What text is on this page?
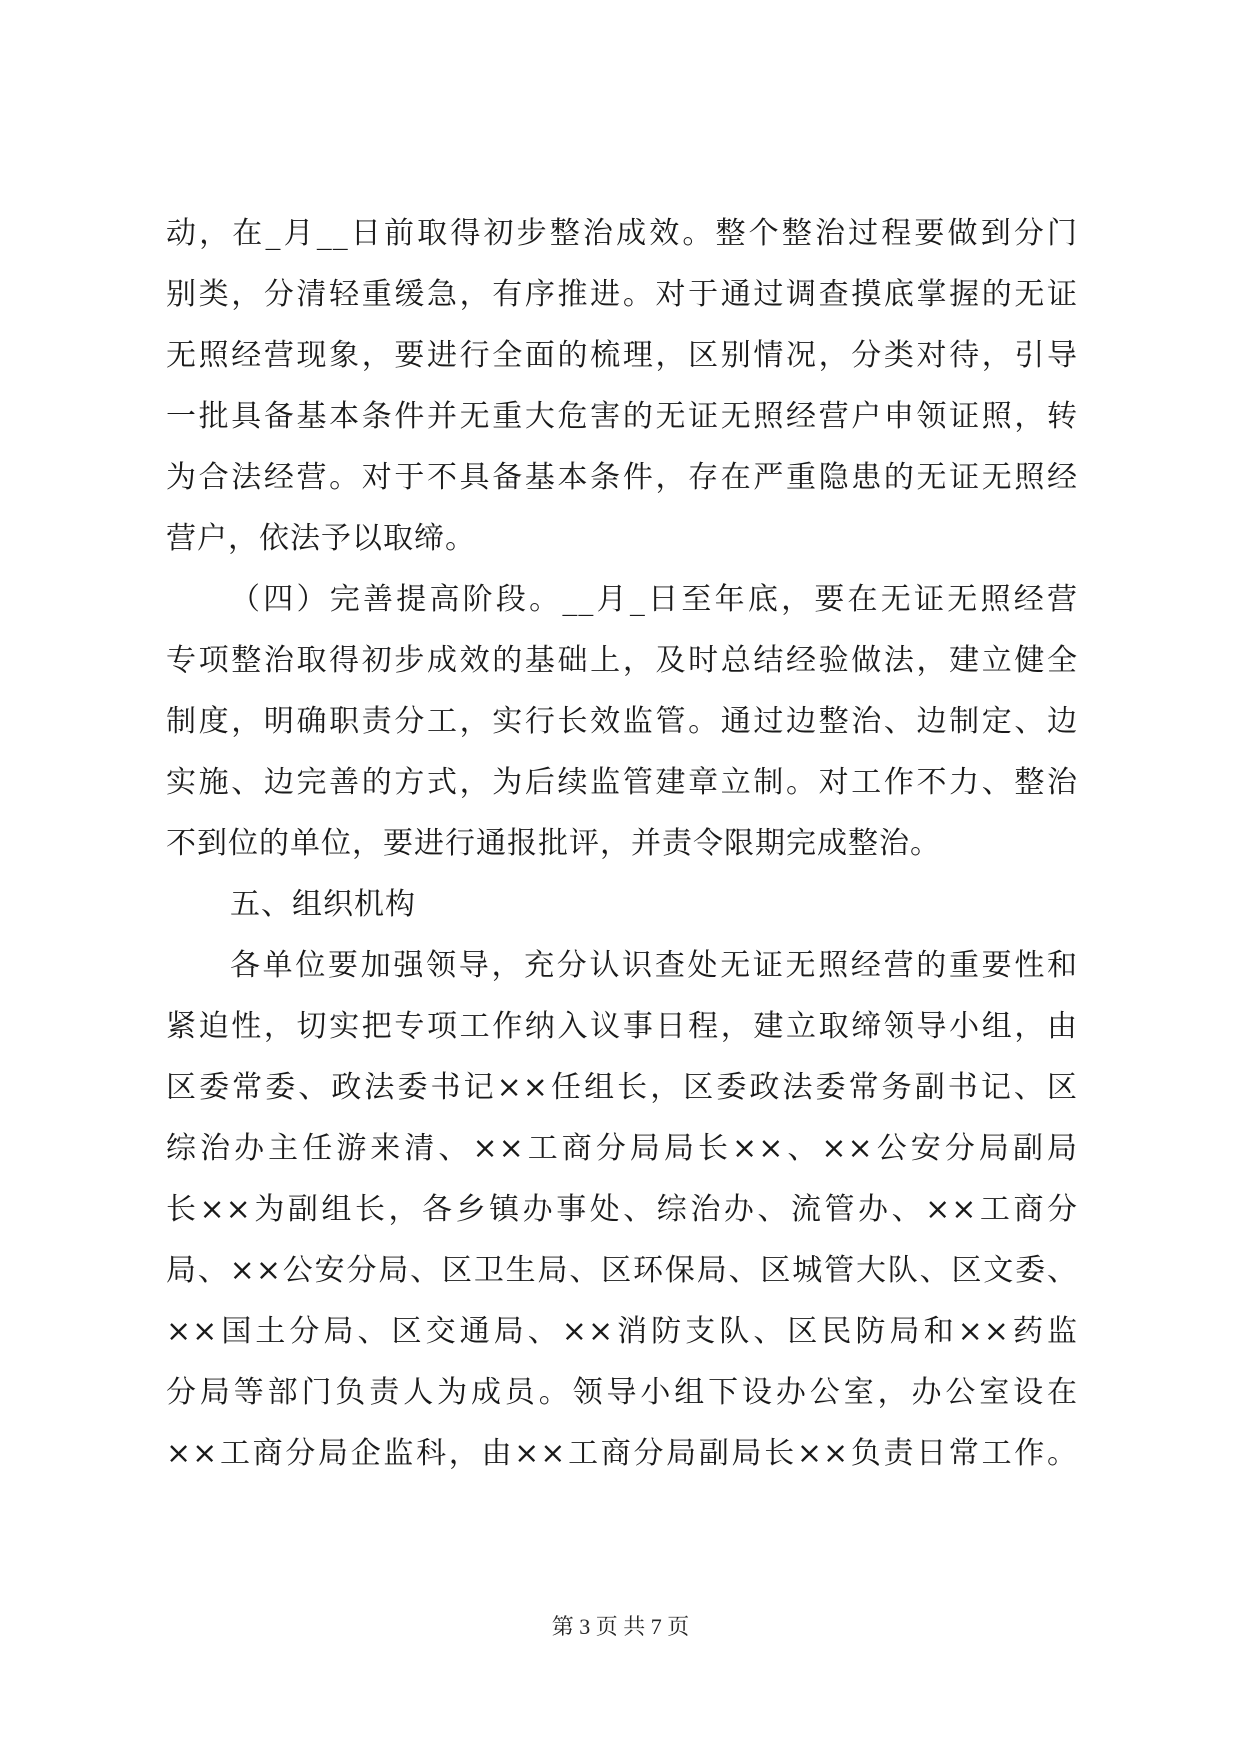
动，在_月__日前取得初步整治成效。整个整治过程要做到分门
别类，分清轻重缓急，有序推进。对于通过调查摸底掌握的无证
无照经营现象，要进行全面的梳理，区别情况，分类对待，引导
一批具备基本条件并无重大危害的无证无照经营户申领证照，转
为合法经营。对于不具备基本条件，存在严重隐患的无证无照经
营户，依法予以取缔。
（四）完善提高阶段。__月_日至年底，要在无证无照经营
专项整治取得初步成效的基础上，及时总结经验做法，建立健全
制度，明确职责分工，实行长效监管。通过边整治、边制定、边
实施、边完善的方式，为后续监管建章立制。对工作不力、整治
不到位的单位，要进行通报批评，并责令限期完成整治。
五、组织机构
各单位要加强领导，充分认识查处无证无照经营的重要性和
紧迫性，切实把专项工作纳入议事日程，建立取缔领导小组，由
区委常委、政法委书记××任组长，区委政法委常务副书记、区
综治办主任游来清、××工商分局局长××、××公安分局副局
长××为副组长，各乡镇办事处、综治办、流管办、××工商分
局、××公安分局、区卫生局、区环保局、区城管大队、区文委、
××国土分局、区交通局、××消防支队、区民防局和××药监
分局等部门负责人为成员。领导小组下设办公室，办公室设在
××工商分局企监科，由××工商分局副局长××负责日常工作。
第 3 页 共 7 页
